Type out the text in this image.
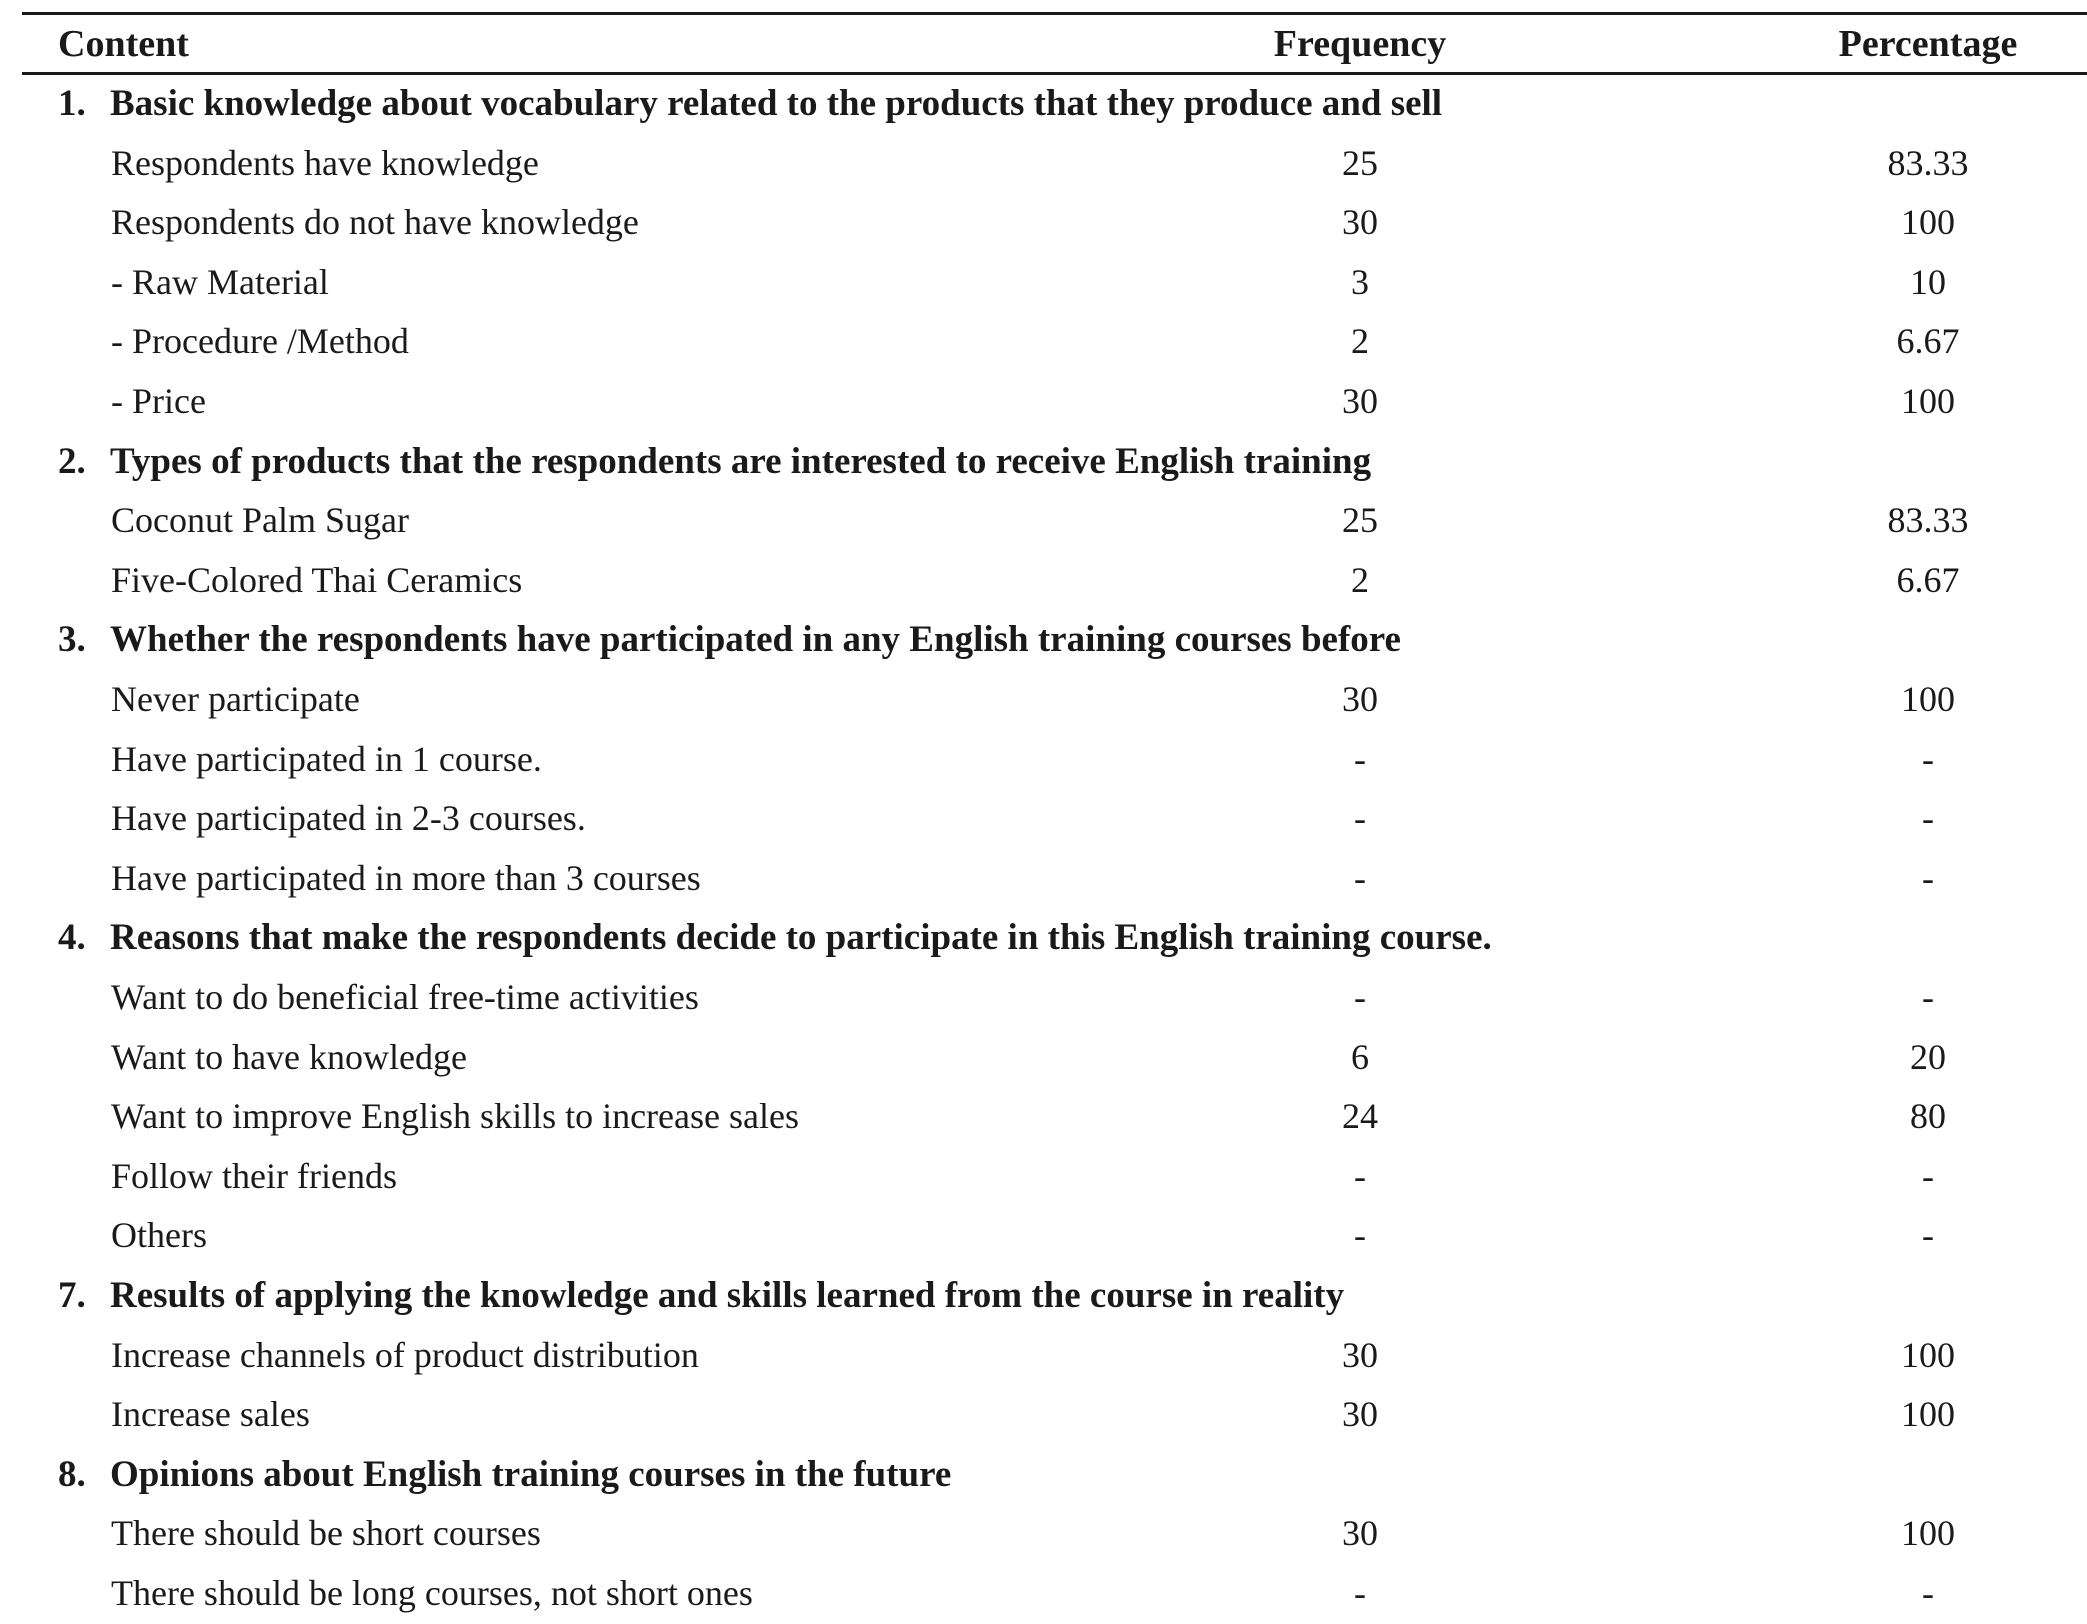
Content	Frequency	Percentage
1. Basic knowledge about vocabulary related to the products that they produce and sell
Respondents have knowledge	25	83.33
Respondents do not have knowledge	30	100
- Raw Material	3	10
- Procedure /Method	2	6.67
- Price	30	100
2. Types of products that the respondents are interested to receive English training
Coconut Palm Sugar	25	83.33
Five-Colored Thai Ceramics	2	6.67
3. Whether the respondents have participated in any English training courses before
Never participate	30	100
Have participated in 1 course.	-	-
Have participated in 2-3 courses.	-	-
Have participated in more than 3 courses	-	-
4. Reasons that make the respondents decide to participate in this English training course.
Want to do beneficial free-time activities	-	-
Want to have knowledge	6	20
Want to improve English skills to increase sales	24	80
Follow their friends	-	-
Others	-	-
7. Results of applying the knowledge and skills learned from the course in reality
Increase channels of product distribution	30	100
Increase sales	30	100
8. Opinions about English training courses in the future
There should be short courses	30	100
There should be long courses, not short ones	-	-
